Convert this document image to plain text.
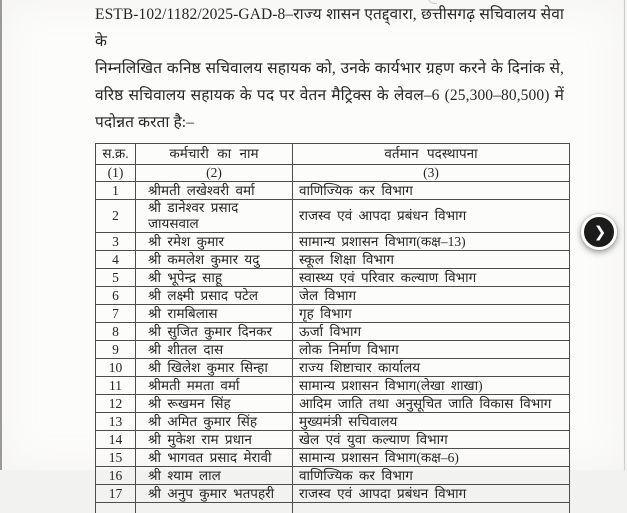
ESTB-102/1182/2025-GAD-8–राज्य शासन एतद्द्वारा, छत्तीसगढ़ सचिवालय सेवा के
निम्नलिखित कनिष्ठ सचिवालय सहायक को, उनके कार्यभार ग्रहण करने के दिनांक से,
वरिष्ठ सचिवालय सहायक के पद पर वेतन मैट्रिक्स के लेवल–6 (25,300–80,500) में
पदोन्नत करता है:–
स.क्र.	कर्मचारी का नाम	वर्तमान पदस्थापना
(1)	(2)	(3)
1	श्रीमती लखेश्वरी वर्मा	वाणिज्यिक कर विभाग
2	श्री डानेश्वर प्रसाद जायसवाल	राजस्व एवं आपदा प्रबंधन विभाग
3	श्री रमेश कुमार	सामान्य प्रशासन विभाग(कक्ष–13)
4	श्री कमलेश कुमार यदु	स्कूल शिक्षा विभाग
5	श्री भूपेन्द्र साहू	स्वास्थ्य एवं परिवार कल्याण विभाग
6	श्री लक्ष्मी प्रसाद पटेल	जेल विभाग
7	श्री रामबिलास	गृह विभाग
8	श्री सुजित कुमार दिनकर	ऊर्जा विभाग
9	श्री शीतल दास	लोक निर्माण विभाग
10	श्री खिलेश कुमार सिन्हा	राज्य शिष्टाचार कार्यालय
11	श्रीमती ममता वर्मा	सामान्य प्रशासन विभाग(लेखा शाखा)
12	श्री रूखमन सिंह	आदिम जाति तथा अनुसूचित जाति विकास विभाग
13	श्री अमित कुमार सिंह	मुख्यमंत्री सचिवालय
14	श्री मुकेश राम प्रधान	खेल एवं युवा कल्याण विभाग
15	श्री भागवत प्रसाद मेरावी	सामान्य प्रशासन विभाग(कक्ष–6)
16	श्री श्याम लाल	वाणिज्यिक कर विभाग
17	श्री अनुप कुमार भतपहरी	राजस्व एवं आपदा प्रबंधन विभाग

❯
